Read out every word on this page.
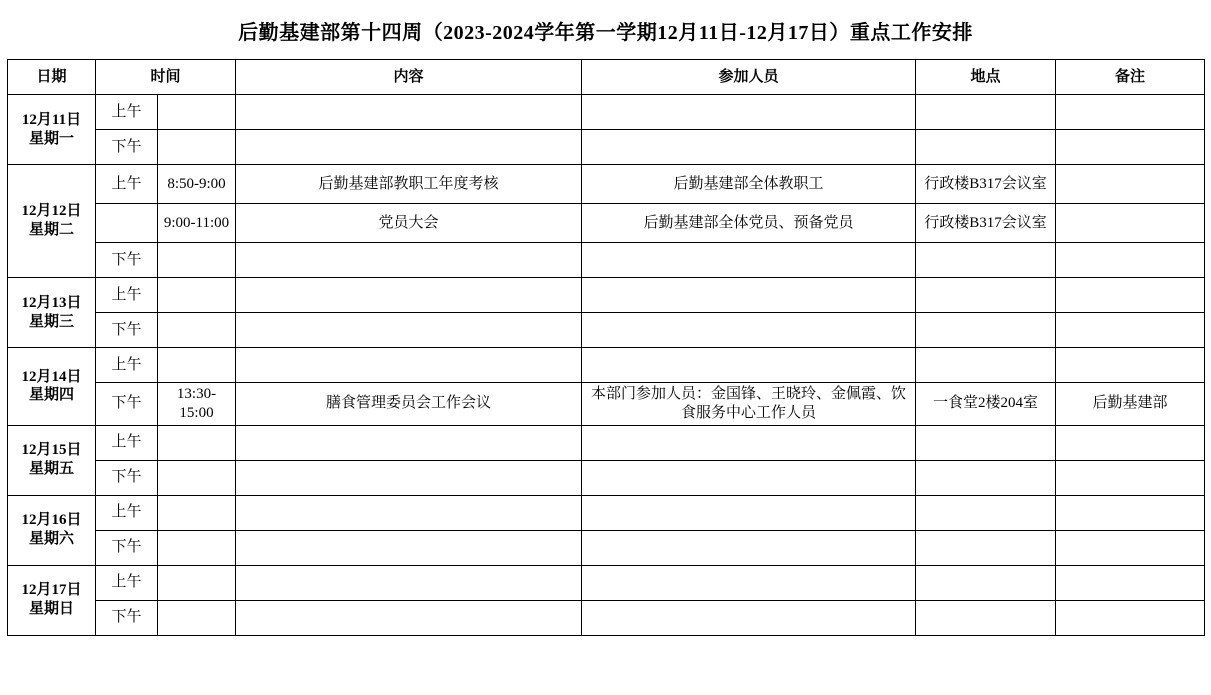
后勤基建部第十四周（2023-2024学年第一学期12月11日-12月17日）重点工作安排
日期	时间		内容	参加人员	地点	备注

12月11日
星期一	上午					
	下午					

12月12日
星期二	上午	8:50-9:00	后勤基建部教职工年度考核	后勤基建部全体教职工	行政楼B317会议室	
		9:00-11:00	党员大会	后勤基建部全体党员、预备党员	行政楼B317会议室	
	下午					

12月13日
星期三	上午					
	下午					

12月14日
星期四	上午					
	下午	13:30-15:00	膳食管理委员会工作会议	本部门参加人员：金国锋、王晓玲、金佩霞、饮食服务中心工作人员	一食堂2楼204室	后勤基建部

12月15日
星期五	上午					
	下午					

12月16日
星期六	上午					
	下午					

12月17日
星期日	上午					
	下午					
